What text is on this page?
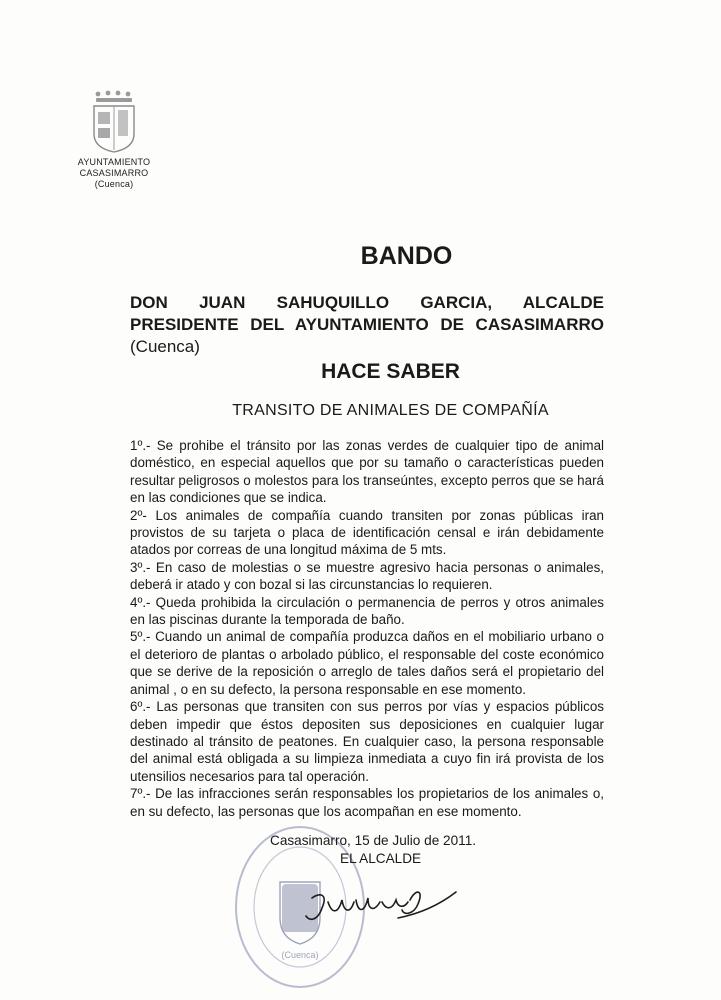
AYUNTAMIENTO
CASASIMARRO
(Cuenca)
BANDO
DON JUAN SAHUQUILLO GARCIA, ALCALDE
PRESIDENTE DEL AYUNTAMIENTO DE CASASIMARRO
(Cuenca)
HACE SABER
TRANSITO DE ANIMALES DE COMPAÑÍA

1º.- Se prohibe el tránsito por las zonas verdes de cualquier tipo de animal doméstico, en especial aquellos que por su tamaño o características pueden resultar peligrosos o molestos para los transeúntes, excepto perros que se hará en las condiciones que se indica.

2º- Los animales de compañía cuando transiten por zonas públicas iran provistos de su tarjeta o placa de identificación censal e irán debidamente atados por correas de una longitud máxima de 5 mts.

3º.- En caso de molestias o se muestre agresivo hacia personas o animales, deberá ir atado y con bozal si las circunstancias lo requieren.

4º.- Queda prohibida la circulación o permanencia de perros y otros animales en las piscinas durante la temporada de baño.

5º.- Cuando un animal de compañía produzca daños en el mobiliario urbano o el deterioro de plantas o arbolado público, el responsable del coste económico que se derive de la reposición o arreglo de tales daños será el propietario del animal , o en su defecto, la persona responsable en ese momento.

6º.- Las personas que transiten con sus perros por vías y espacios públicos deben impedir que éstos depositen sus deposiciones en cualquier lugar destinado al tránsito de peatones. En cualquier caso, la persona responsable del animal está obligada a su limpieza inmediata a cuyo fin irá provista de los utensilios necesarios para tal operación.

7º.- De las infracciones serán responsables los propietarios de los animales o, en su defecto, las personas que los acompañan en ese momento.

(Cuenca)
Casasimarro, 15 de Julio de 2011.
EL ALCALDE
